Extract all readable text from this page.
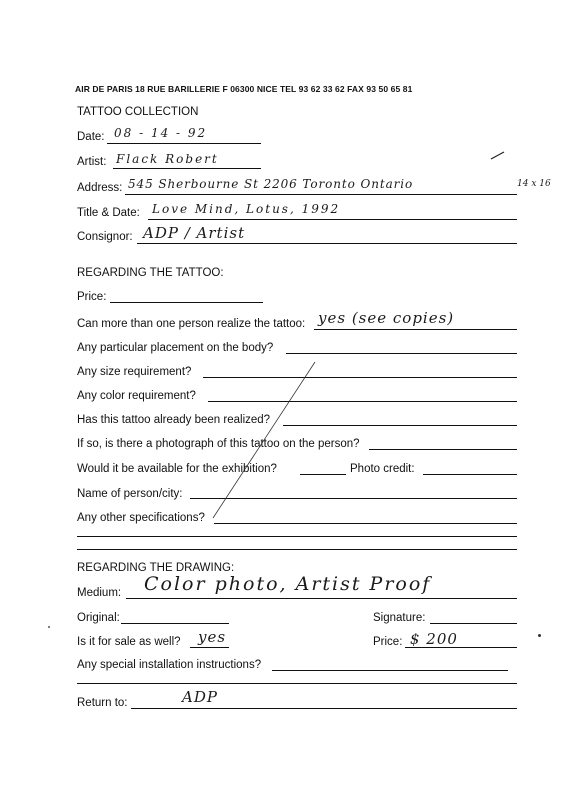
AIR DE PARIS 18 RUE BARILLERIE F 06300 NICE TEL 93 62 33 62 FAX 93 50 65 81
TATTOO COLLECTION
Date: 08 - 14 - 92
Artist: Flack Robert
Address: 545 Sherbourne St 2206 Toronto Ontario	14 x 16
Title & Date: Love Mind, Lotus, 1992
Consignor: ADP / Artist
REGARDING THE TATTOO:
Price:
Can more than one person realize the tattoo: yes (see copies)
Any particular placement on the body?
Any size requirement?
Any color requirement?
Has this tattoo already been realized?
If so, is there a photograph of this tattoo on the person?
Would it be available for the exhibition?	Photo credit:
Name of person/city:
Any other specifications?
REGARDING THE DRAWING:
Medium: Color photo, Artist Proof
Original:	Signature:
Is it for sale as well? yes	Price: $ 200
Any special installation instructions?
Return to:	ADP
